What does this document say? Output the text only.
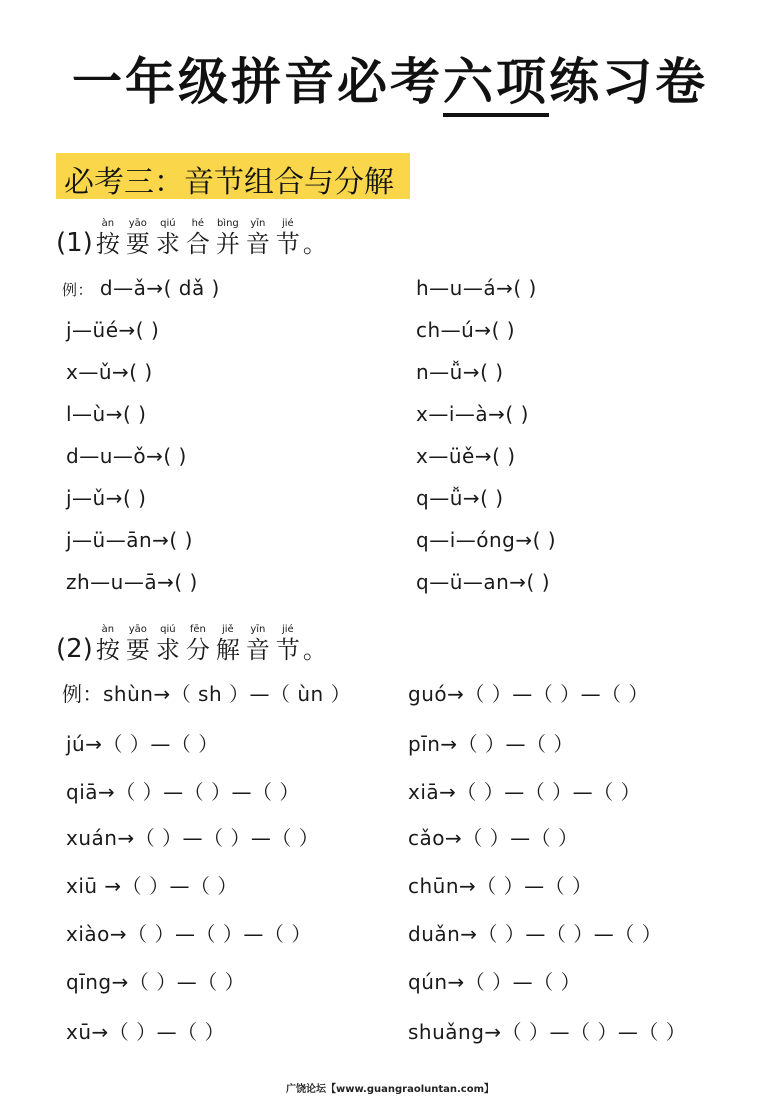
一年级拼音必考六项练习卷
必考三：音节组合与分解
(1)
àn
按
yāo
要
qiú
求
hé
合
bìng
并
yīn
音
jié
节 。
例： d—ǎ→( dǎ )
j—üé→( )
x—ǔ→( )
l—ù→( )
d—u—ǒ→( )
j—ǔ→( )
j—ü—ān→( )
zh—u—ā→( )
h—u—á→( )
ch—ú→( )
n—ǚ→( )
x—i—à→( )
x—üě→( )
q—ǚ→( )
q—i—óng→( )
q—ü—an→( )
(2)
àn
按
yāo
要
qiú
求
fēn
分
jiě
解
yīn
音
jié
节 。
例：shùn→（ sh ）—（ ùn ）
jú→（ ）—（ ）
qiā→（ ）—（ ）—（ ）
xuán→（ ）—（ ）—（ ）
xiū →（ ）—（ ）
xiào→（ ）—（ ）—（ ）
qīng→（ ）—（ ）
xū→（ ）—（ ）
guó→（ ）—（ ）—（ ）
pīn→（ ）—（ ）
xiā→（ ）—（ ）—（ ）
cǎo→（ ）—（ ）
chūn→（ ）—（ ）
duǎn→（ ）—（ ）—（ ）
qún→（ ）—（ ）
shuǎng→（ ）—（ ）—（ ）
广饶论坛【www.guangraoluntan.com】
